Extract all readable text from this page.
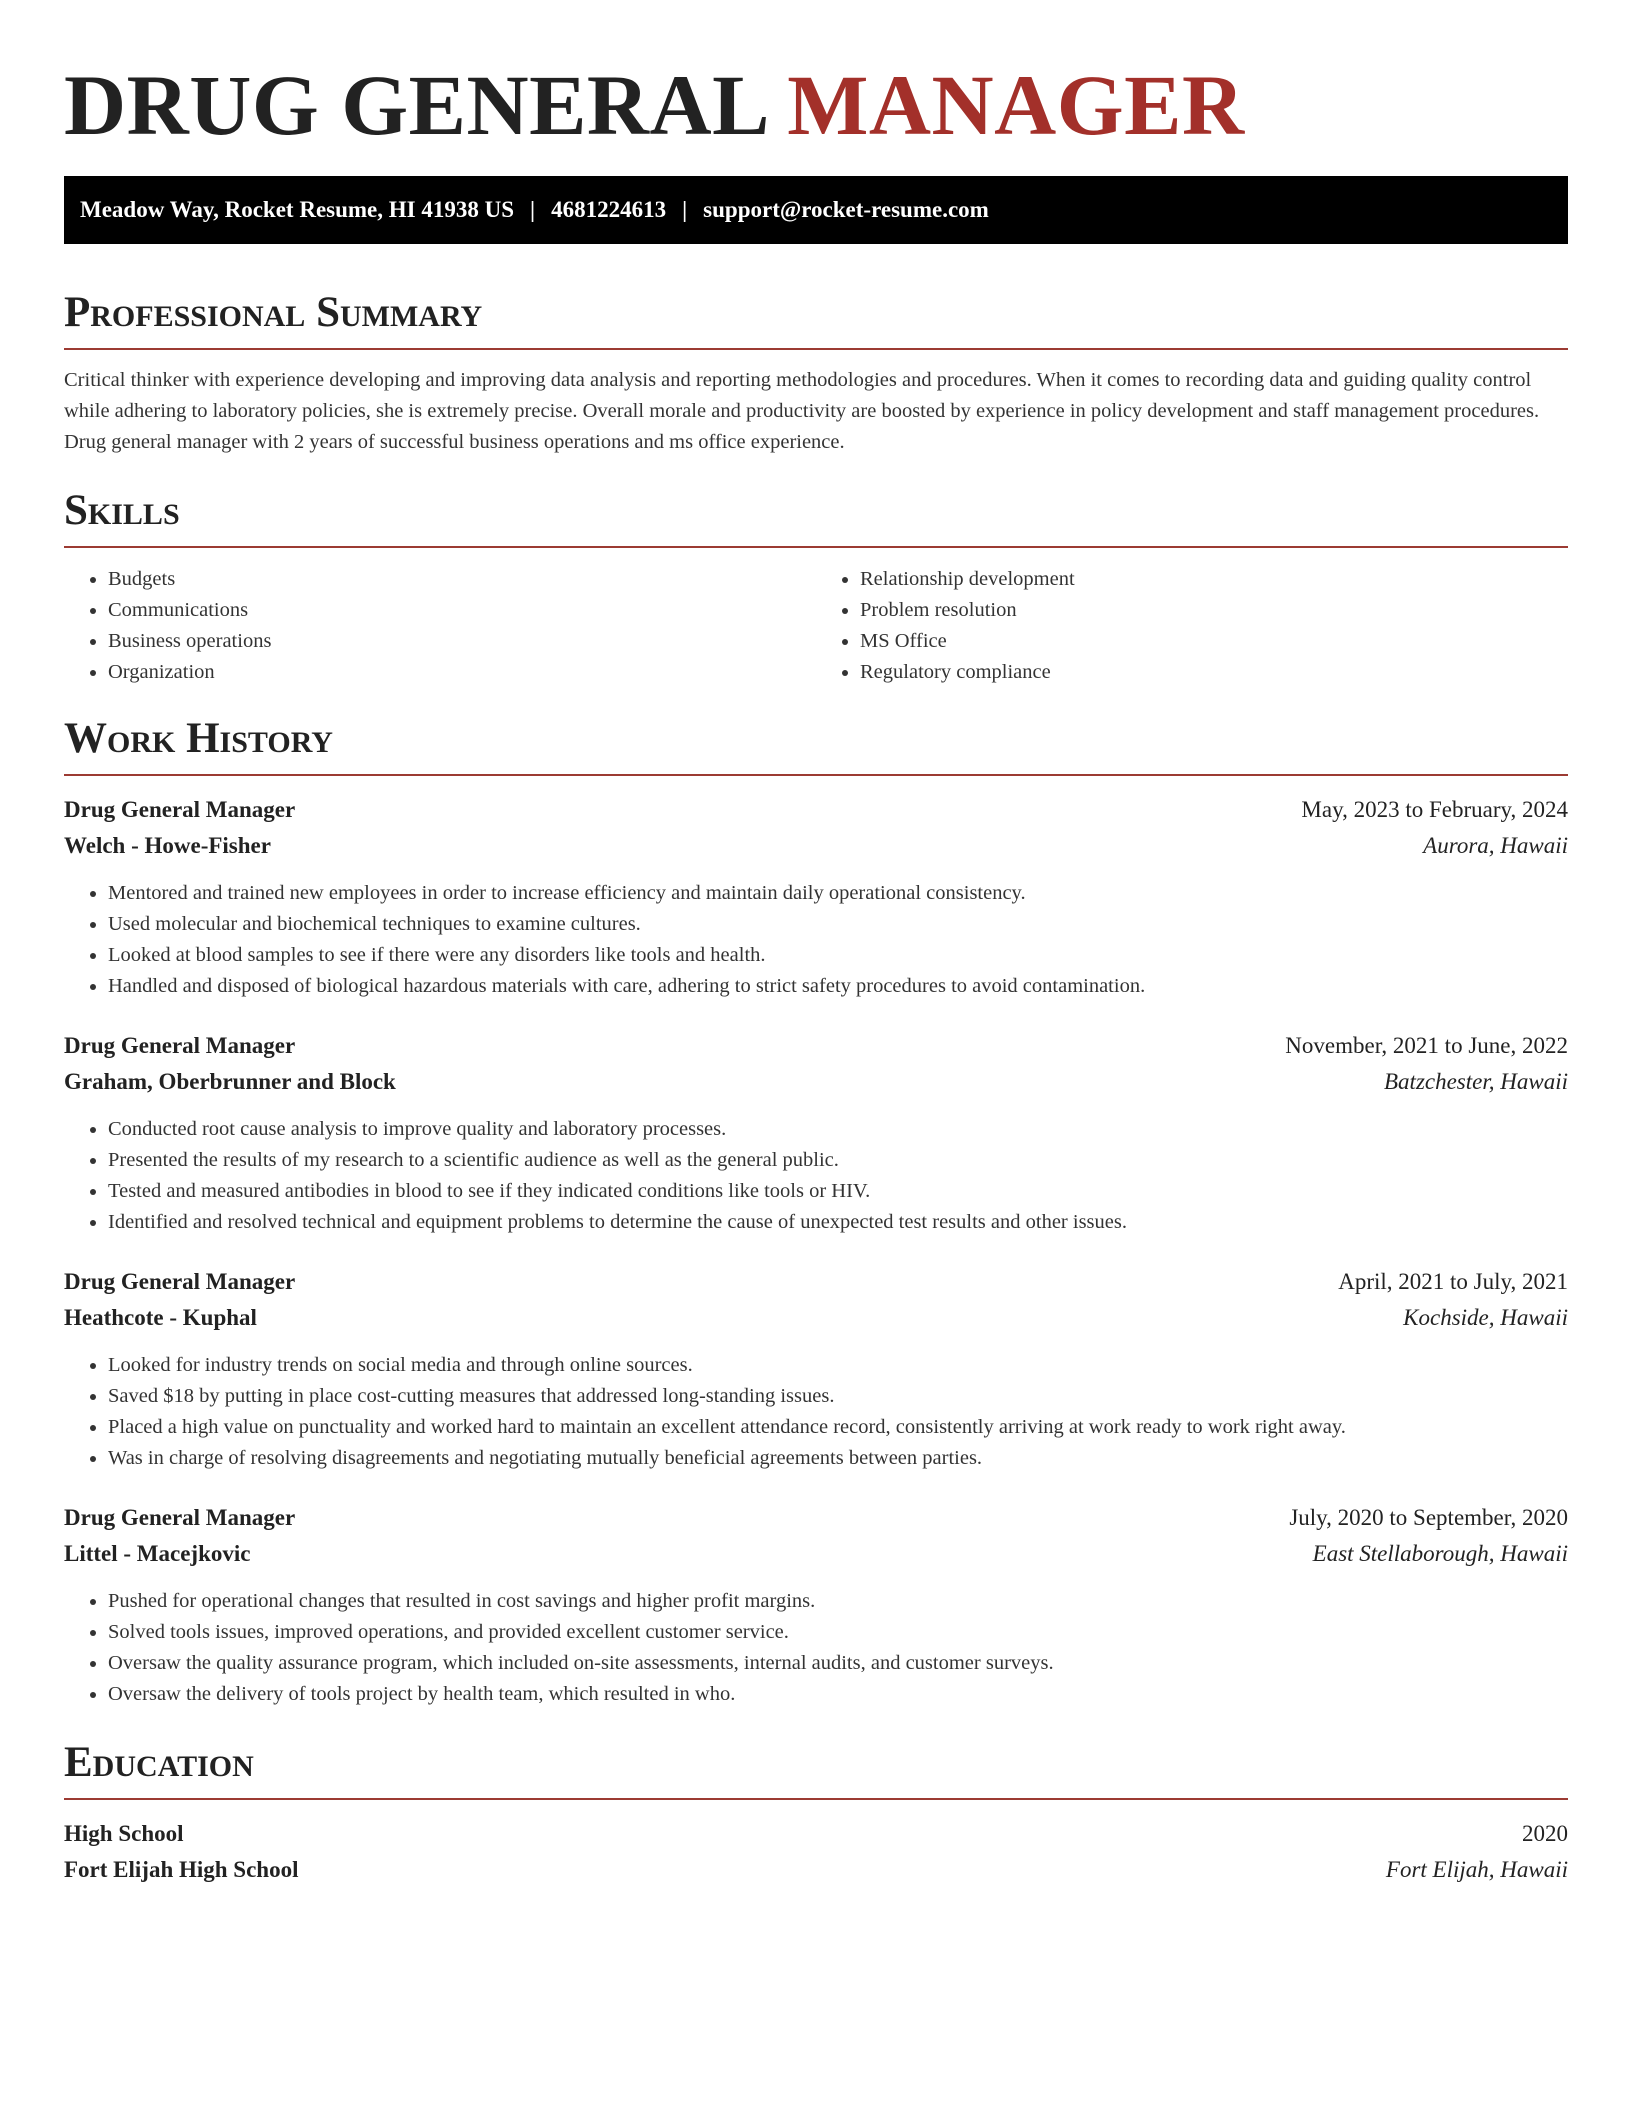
DRUG GENERAL MANAGER
Meadow Way, Rocket Resume, HI 41938 US | 4681224613 | support@rocket-resume.com
Professional Summary

Critical thinker with experience developing and improving data analysis and reporting methodologies and procedures. When it comes to recording data and guiding quality control while adhering to laboratory policies, she is extremely precise. Overall morale and productivity are boosted by experience in policy development and staff management procedures. Drug general manager with 2 years of successful business operations and ms office experience.

Skills
• Budgets
• Communications
• Business operations
• Organization
• Relationship development
• Problem resolution
• MS Office
• Regulatory compliance
Work History
Drug General Manager	May, 2023 to February, 2024
Welch - Howe-Fisher	Aurora, Hawaii
• Mentored and trained new employees in order to increase efficiency and maintain daily operational consistency.
• Used molecular and biochemical techniques to examine cultures.
• Looked at blood samples to see if there were any disorders like tools and health.
• Handled and disposed of biological hazardous materials with care, adhering to strict safety procedures to avoid contamination.
Drug General Manager	November, 2021 to June, 2022
Graham, Oberbrunner and Block	Batzchester, Hawaii
• Conducted root cause analysis to improve quality and laboratory processes.
• Presented the results of my research to a scientific audience as well as the general public.
• Tested and measured antibodies in blood to see if they indicated conditions like tools or HIV.
• Identified and resolved technical and equipment problems to determine the cause of unexpected test results and other issues.
Drug General Manager	April, 2021 to July, 2021
Heathcote - Kuphal	Kochside, Hawaii
• Looked for industry trends on social media and through online sources.
• Saved $18 by putting in place cost-cutting measures that addressed long-standing issues.
• Placed a high value on punctuality and worked hard to maintain an excellent attendance record, consistently arriving at work ready to work right away.
• Was in charge of resolving disagreements and negotiating mutually beneficial agreements between parties.
Drug General Manager	July, 2020 to September, 2020
Littel - Macejkovic	East Stellaborough, Hawaii
• Pushed for operational changes that resulted in cost savings and higher profit margins.
• Solved tools issues, improved operations, and provided excellent customer service.
• Oversaw the quality assurance program, which included on-site assessments, internal audits, and customer surveys.
• Oversaw the delivery of tools project by health team, which resulted in who.
Education
High School	2020
Fort Elijah High School	Fort Elijah, Hawaii
